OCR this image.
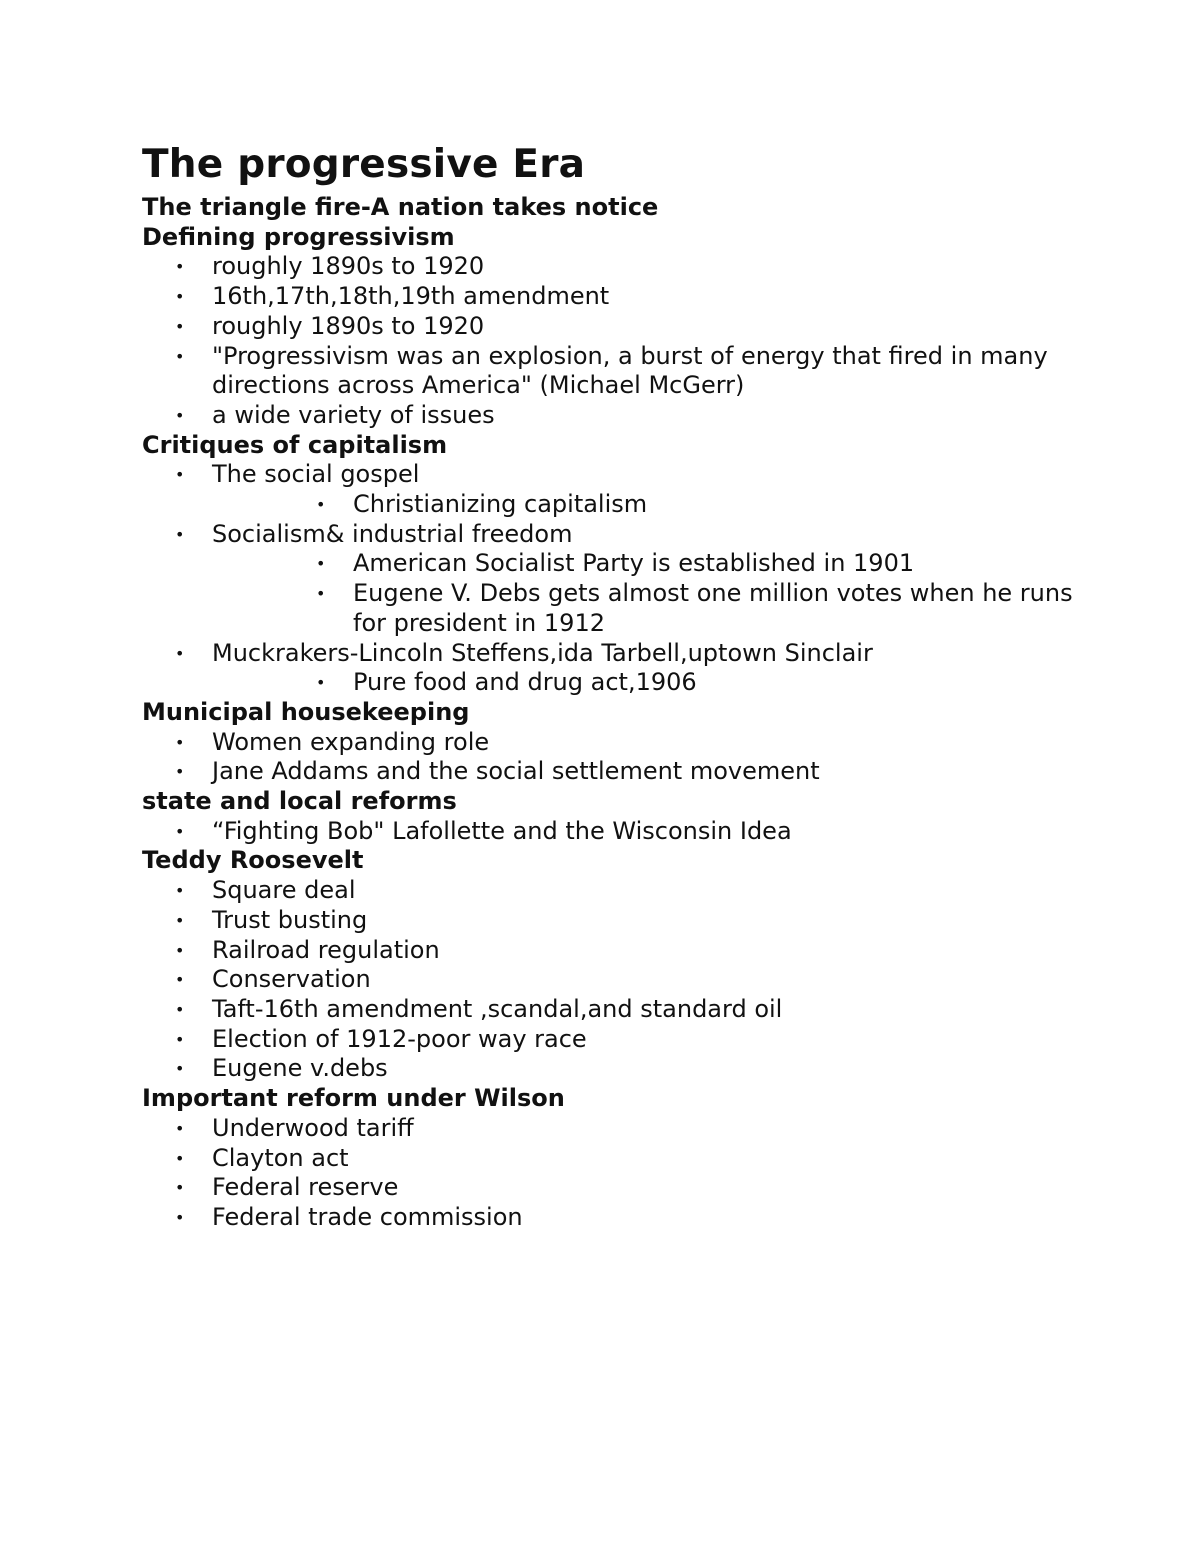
The progressive Era
The triangle fire-A nation takes notice
Defining progressivism
• roughly 1890s to 1920
• 16th,17th,18th,19th amendment
• roughly 1890s to 1920
• "Progressivism was an explosion, a burst of energy that fired in many directions across America" (Michael McGerr)
• a wide variety of issues
Critiques of capitalism
• The social gospel
• Christianizing capitalism
• Socialism& industrial freedom
• American Socialist Party is established in 1901
• Eugene V. Debs gets almost one million votes when he runs for president in 1912
• Muckrakers-Lincoln Steffens,ida Tarbell,uptown Sinclair
• Pure food and drug act,1906
Municipal housekeeping
• Women expanding role
• Jane Addams and the social settlement movement
state and local reforms
• “Fighting Bob" Lafollette and the Wisconsin Idea
Teddy Roosevelt
• Square deal
• Trust busting
• Railroad regulation
• Conservation
• Taft-16th amendment ,scandal,and standard oil
• Election of 1912-poor way race
• Eugene v.debs
Important reform under Wilson
• Underwood tariff
• Clayton act
• Federal reserve
• Federal trade commission
